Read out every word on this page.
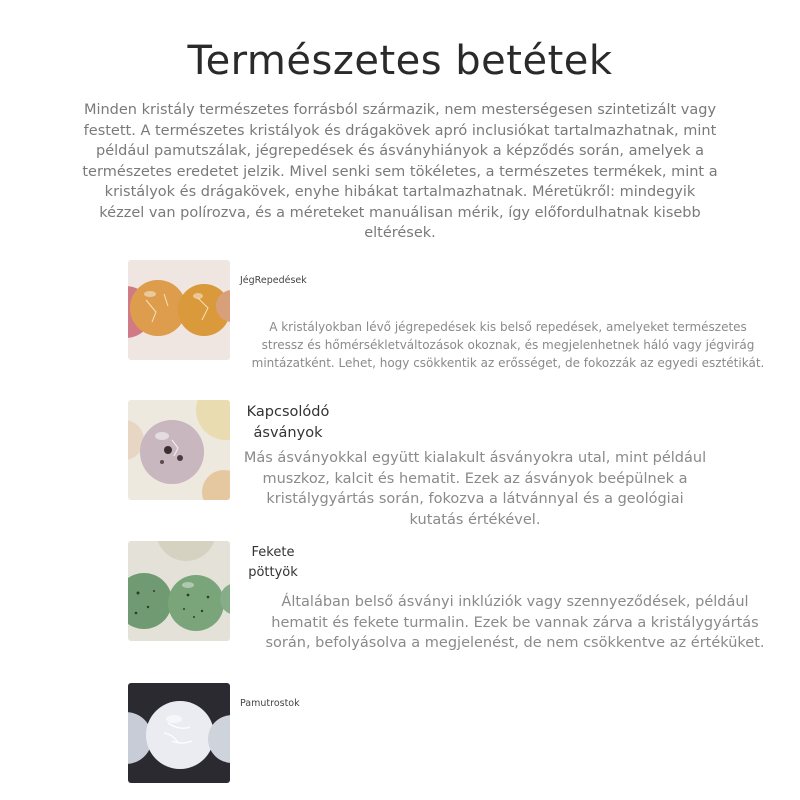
Természetes betétek

Minden kristály természetes forrásból származik, nem mesterségesen szintetizált vagy festett. A természetes kristályok és drágakövek apró inclusiókat tartalmazhatnak, mint például pamutszálak, jégrepedések és ásványhiányok a képződés során, amelyek a természetes eredetet jelzik. Mivel senki sem tökéletes, a természetes termékek, mint a kristályok és drágakövek, enyhe hibákat tartalmazhatnak. Méretükről: mindegyik kézzel van polírozva, és a méreteket manuálisan mérik, így előfordulhatnak kisebb eltérések.

JégRepedések

A kristályokban lévő jégrepedések kis belső repedések, amelyeket természetes stressz és hőmérsékletváltozások okoznak, és megjelenhetnek háló vagy jégvirág mintázatként. Lehet, hogy csökkentik az erősséget, de fokozzák az egyedi esztétikát.

Kapcsolódó ásványok

Más ásványokkal együtt kialakult ásványokra utal, mint például muszkoz, kalcit és hematit. Ezek az ásványok beépülnek a kristálygyártás során, fokozva a látvánnyal és a geológiai kutatás értékével.

Fekete pöttyök

Általában belső ásványi inklúziók vagy szennyeződések, például hematit és fekete turmalin. Ezek be vannak zárva a kristálygyártás során, befolyásolva a megjelenést, de nem csökkentve az értéküket.

Pamutrostok
